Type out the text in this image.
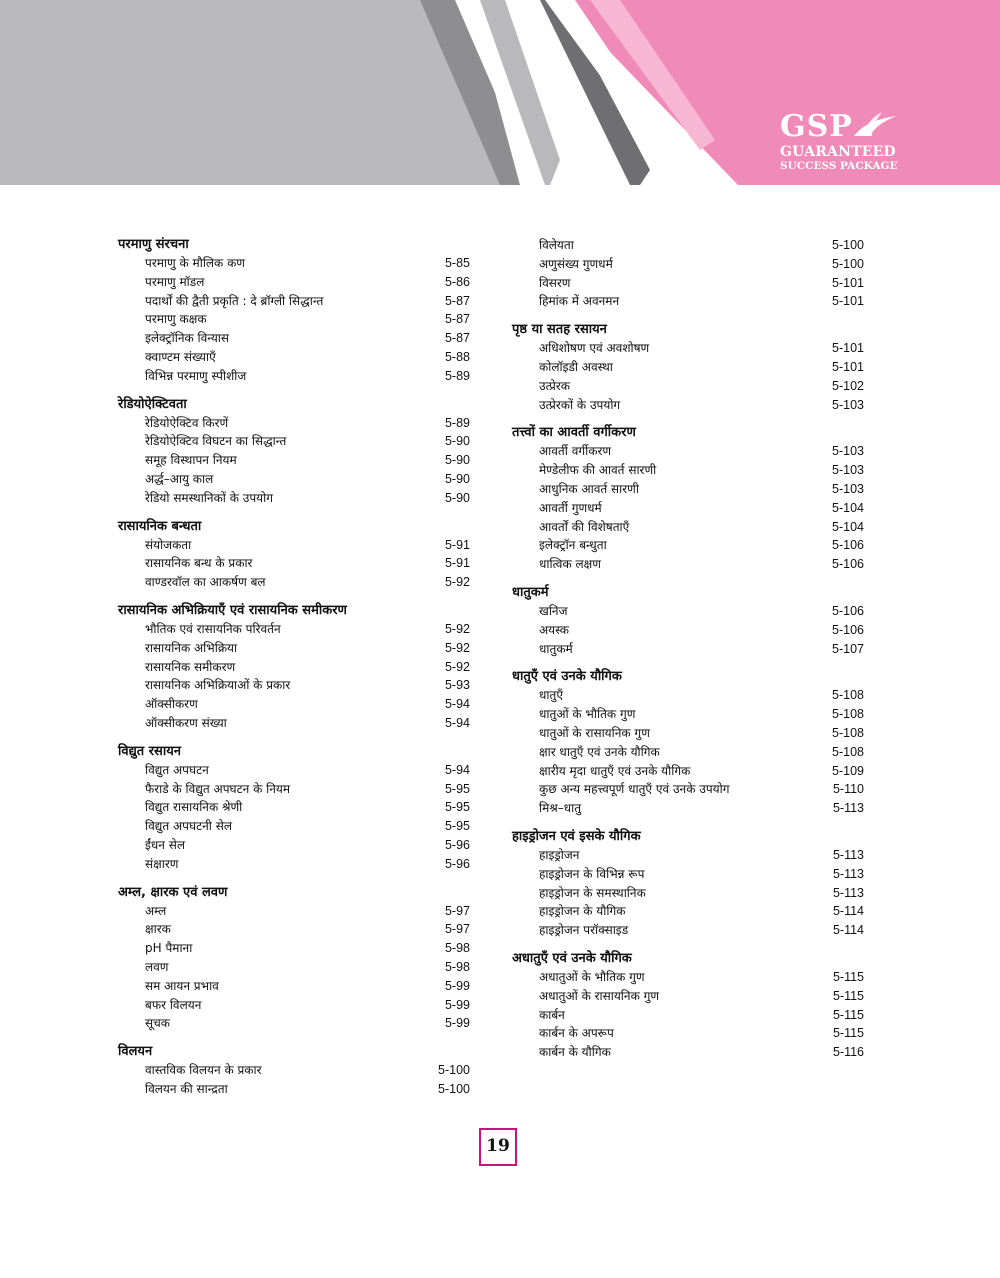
GSP
GUARANTEED
SUCCESS PACKAGE
परमाणु संरचना
परमाणु के मौलिक कण	5-85
परमाणु मॉडल	5-86
पदार्थों की द्वैती प्रकृति : दे ब्रॉग्ली सिद्धान्त	5-87
परमाणु कक्षक	5-87
इलेक्ट्रॉनिक विन्यास	5-87
क्वाण्टम संख्याएँ	5-88
विभिन्न परमाणु स्पीशीज	5-89
रेडियोऐक्टिवता
रेडियोऐक्टिव किरणें	5-89
रेडियोऐक्टिव विघटन का सिद्धान्त	5-90
समूह विस्थापन नियम	5-90
अर्द्ध–आयु काल	5-90
रेडियो समस्थानिकों के उपयोग	5-90
रासायनिक बन्धता
संयोजकता	5-91
रासायनिक बन्ध के प्रकार	5-91
वाण्डरवॉल का आकर्षण बल	5-92
रासायनिक अभिक्रियाएँ एवं रासायनिक समीकरण
भौतिक एवं रासायनिक परिवर्तन	5-92
रासायनिक अभिक्रिया	5-92
रासायनिक समीकरण	5-92
रासायनिक अभिक्रियाओं के प्रकार	5-93
ऑक्सीकरण	5-94
ऑक्सीकरण संख्या	5-94
विद्युत रसायन
विद्युत अपघटन	5-94
फैराडे के विद्युत अपघटन के नियम	5-95
विद्युत रासायनिक श्रेणी	5-95
विद्युत अपघटनी सेल	5-95
ईंधन सेल	5-96
संक्षारण	5-96
अम्ल, क्षारक एवं लवण
अम्ल	5-97
क्षारक	5-97
pH पैमाना	5-98
लवण	5-98
सम आयन प्रभाव	5-99
बफर विलयन	5-99
सूचक	5-99
विलयन
वास्तविक विलयन के प्रकार	5-100
विलयन की सान्द्रता	5-100
विलेयता	5-100
अणुसंख्य गुणधर्म	5-100
विसरण	5-101
हिमांक में अवनमन	5-101
पृष्ठ या सतह रसायन
अधिशोषण एवं अवशोषण	5-101
कोलॉइडी अवस्था	5-101
उत्प्रेरक	5-102
उत्प्रेरकों के उपयोग	5-103
तत्त्वों का आवर्ती वर्गीकरण
आवर्ती वर्गीकरण	5-103
मेण्डेलीफ की आवर्त सारणी	5-103
आधुनिक आवर्त सारणी	5-103
आवर्ती गुणधर्म	5-104
आवर्तों की विशेषताएँ	5-104
इलेक्ट्रॉन बन्धुता	5-106
धात्विक लक्षण	5-106
धातुकर्म
खनिज	5-106
अयस्क	5-106
धातुकर्म	5-107
धातुएँ एवं उनके यौगिक
धातुएँ	5-108
धातुओं के भौतिक गुण	5-108
धातुओं के रासायनिक गुण	5-108
क्षार धातुएँ एवं उनके यौगिक	5-108
क्षारीय मृदा धातुएँ एवं उनके यौगिक	5-109
कुछ अन्य महत्त्वपूर्ण धातुएँ एवं उनके उपयोग	5-110
मिश्र–धातु	5-113
हाइड्रोजन एवं इसके यौगिक
हाइड्रोजन	5-113
हाइड्रोजन के विभिन्न रूप	5-113
हाइड्रोजन के समस्थानिक	5-113
हाइड्रोजन के यौगिक	5-114
हाइड्रोजन परॉक्साइड	5-114
अधातुएँ एवं उनके यौगिक
अधातुओं के भौतिक गुण	5-115
अधातुओं के रासायनिक गुण	5-115
कार्बन	5-115
कार्बन के अपरूप	5-115
कार्बन के यौगिक	5-116
19
